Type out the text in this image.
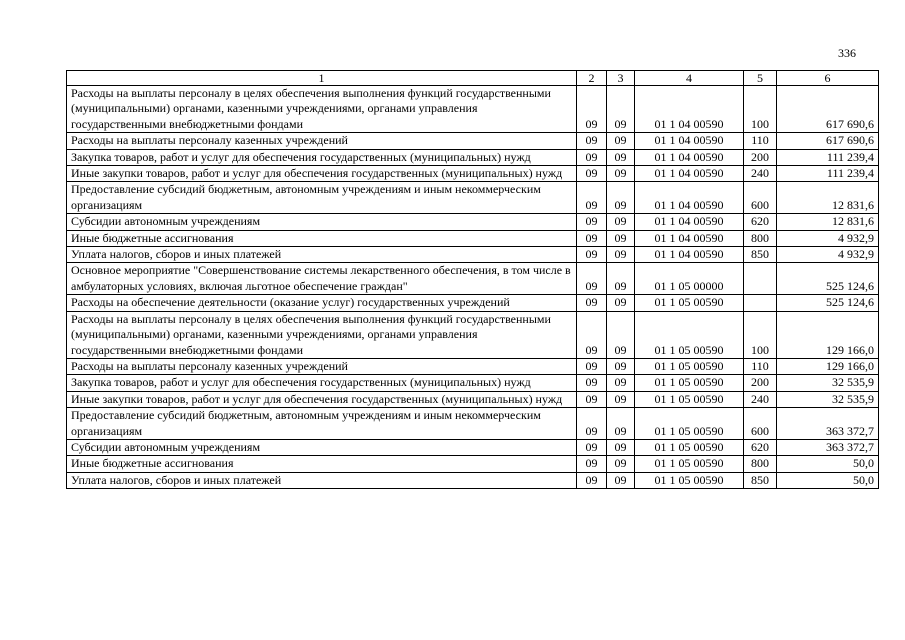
336
1	2	3	4	5	6
Расходы на выплаты персоналу в целях обеспечения выполнения функций государственными (муниципальными) органами, казенными учреждениями, органами управления государственными внебюджетными фондами	09	09	01 1 04 00590	100	617 690,6
Расходы на выплаты персоналу казенных учреждений	09	09	01 1 04 00590	110	617 690,6
Закупка товаров, работ и услуг для обеспечения государственных (муниципальных) нужд	09	09	01 1 04 00590	200	111 239,4
Иные закупки товаров, работ и услуг для обеспечения государственных (муниципальных) нужд	09	09	01 1 04 00590	240	111 239,4
Предоставление субсидий бюджетным, автономным учреждениям и иным некоммерческим организациям	09	09	01 1 04 00590	600	12 831,6
Субсидии автономным учреждениям	09	09	01 1 04 00590	620	12 831,6
Иные бюджетные ассигнования	09	09	01 1 04 00590	800	4 932,9
Уплата налогов, сборов и иных платежей	09	09	01 1 04 00590	850	4 932,9
Основное мероприятие "Совершенствование системы лекарственного обеспечения, в том числе в амбулаторных условиях, включая льготное обеспечение граждан"	09	09	01 1 05 00000		525 124,6
Расходы на обеспечение деятельности (оказание услуг) государственных учреждений	09	09	01 1 05 00590		525 124,6
Расходы на выплаты персоналу в целях обеспечения выполнения функций государственными (муниципальными) органами, казенными учреждениями, органами управления государственными внебюджетными фондами	09	09	01 1 05 00590	100	129 166,0
Расходы на выплаты персоналу казенных учреждений	09	09	01 1 05 00590	110	129 166,0
Закупка товаров, работ и услуг для обеспечения государственных (муниципальных) нужд	09	09	01 1 05 00590	200	32 535,9
Иные закупки товаров, работ и услуг для обеспечения государственных (муниципальных) нужд	09	09	01 1 05 00590	240	32 535,9
Предоставление субсидий бюджетным, автономным учреждениям и иным некоммерческим организациям	09	09	01 1 05 00590	600	363 372,7
Субсидии автономным учреждениям	09	09	01 1 05 00590	620	363 372,7
Иные бюджетные ассигнования	09	09	01 1 05 00590	800	50,0
Уплата налогов, сборов и иных платежей	09	09	01 1 05 00590	850	50,0
